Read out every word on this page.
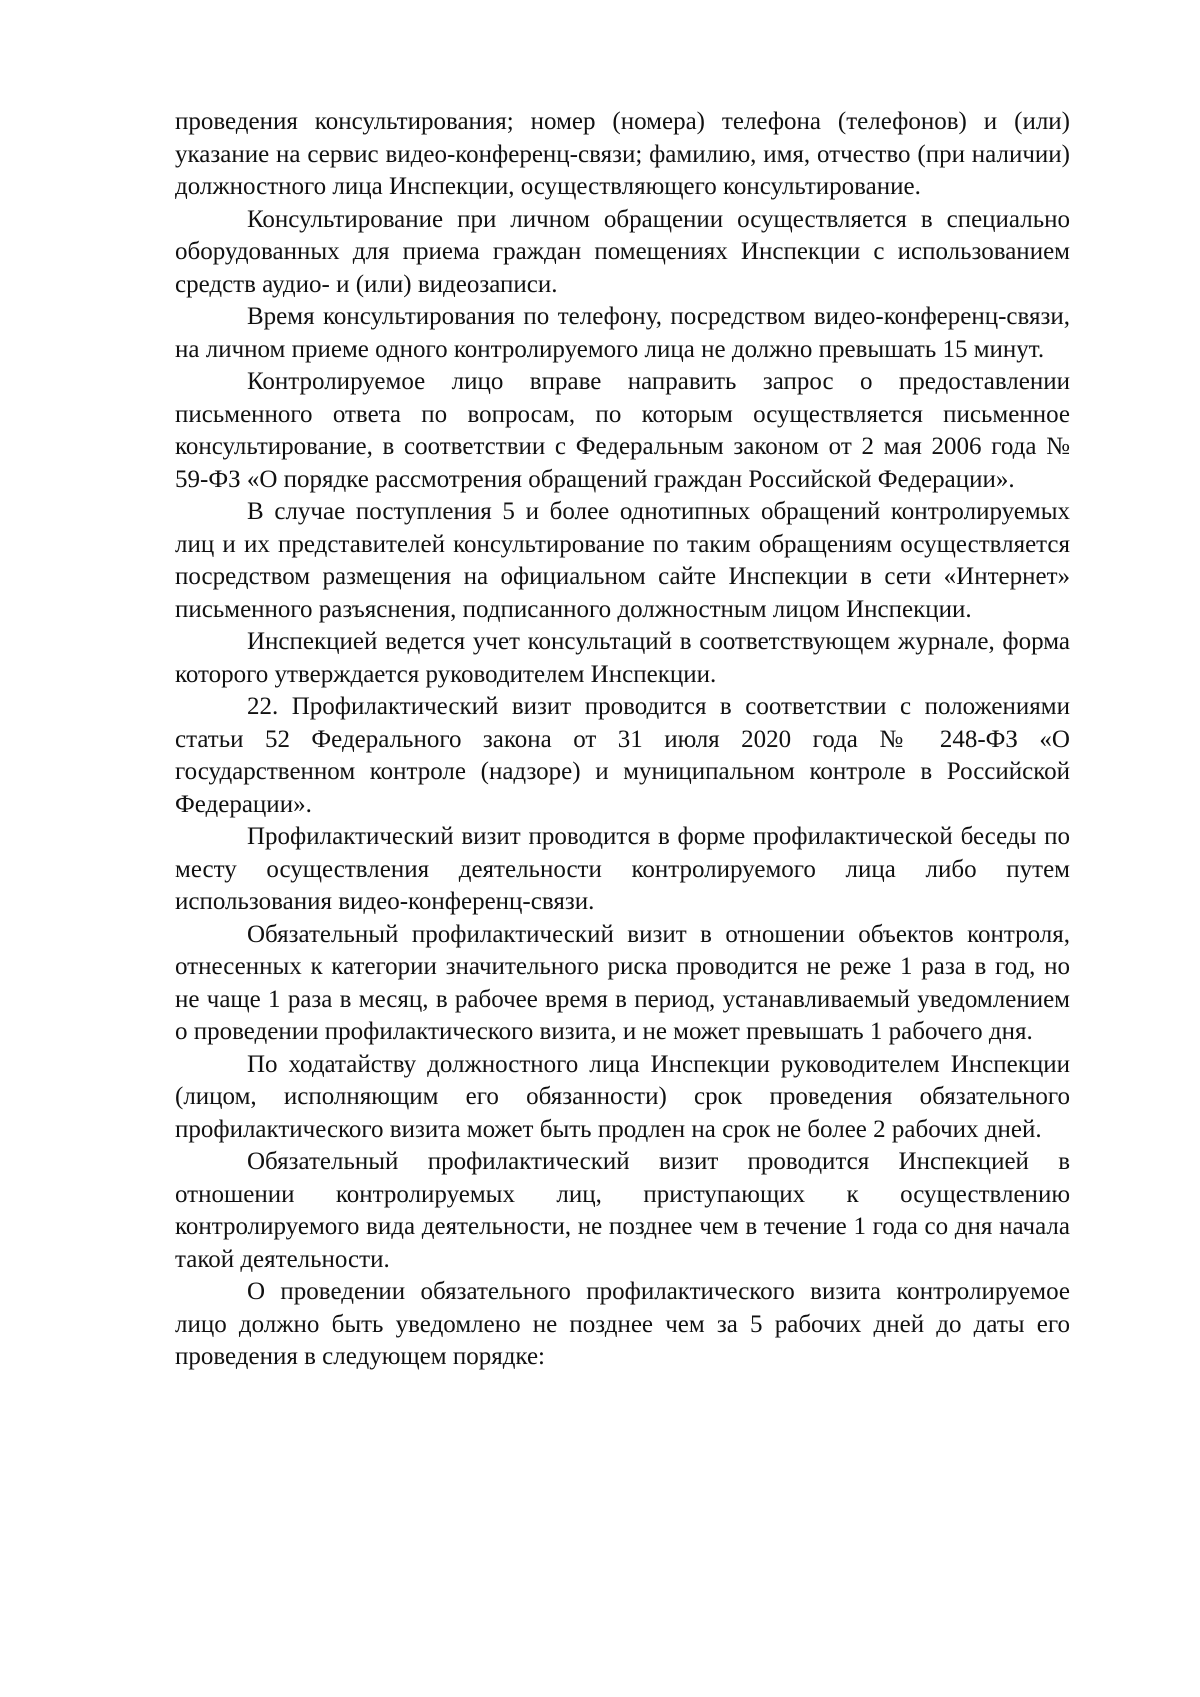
проведения консультирования; номер (номера) телефона (телефонов) и (или) указание на сервис видео-конференц-связи; фамилию, имя, отчество (при наличии) должностного лица Инспекции, осуществляющего консультирование.

Консультирование при личном обращении осуществляется в специально оборудованных для приема граждан помещениях Инспекции с использованием средств аудио- и (или) видеозаписи.

Время консультирования по телефону, посредством видео-конференц-связи, на личном приеме одного контролируемого лица не должно превышать 15 минут.

Контролируемое лицо вправе направить запрос о предоставлении письменного ответа по вопросам, по которым осуществляется письменное консультирование, в соответствии с Федеральным законом от 2 мая 2006 года № 59-ФЗ «О порядке рассмотрения обращений граждан Российской Федерации».

В случае поступления 5 и более однотипных обращений контролируемых лиц и их представителей консультирование по таким обращениям осуществляется посредством размещения на официальном сайте Инспекции в сети «Интернет» письменного разъяснения, подписанного должностным лицом Инспекции.

Инспекцией ведется учет консультаций в соответствующем журнале, форма которого утверждается руководителем Инспекции.

22. Профилактический визит проводится в соответствии с положениями статьи 52 Федерального закона от 31 июля 2020 года № 248-ФЗ «О государственном контроле (надзоре) и муниципальном контроле в Российской Федерации».

Профилактический визит проводится в форме профилактической беседы по месту осуществления деятельности контролируемого лица либо путем использования видео-конференц-связи.

Обязательный профилактический визит в отношении объектов контроля, отнесенных к категории значительного риска проводится не реже 1 раза в год, но не чаще 1 раза в месяц, в рабочее время в период, устанавливаемый уведомлением о проведении профилактического визита, и не может превышать 1 рабочего дня.

По ходатайству должностного лица Инспекции руководителем Инспекции (лицом, исполняющим его обязанности) срок проведения обязательного профилактического визита может быть продлен на срок не более 2 рабочих дней.

Обязательный профилактический визит проводится Инспекцией в отношении контролируемых лиц, приступающих к осуществлению контролируемого вида деятельности, не позднее чем в течение 1 года со дня начала такой деятельности.

О проведении обязательного профилактического визита контролируемое лицо должно быть уведомлено не позднее чем за 5 рабочих дней до даты его проведения в следующем порядке:
